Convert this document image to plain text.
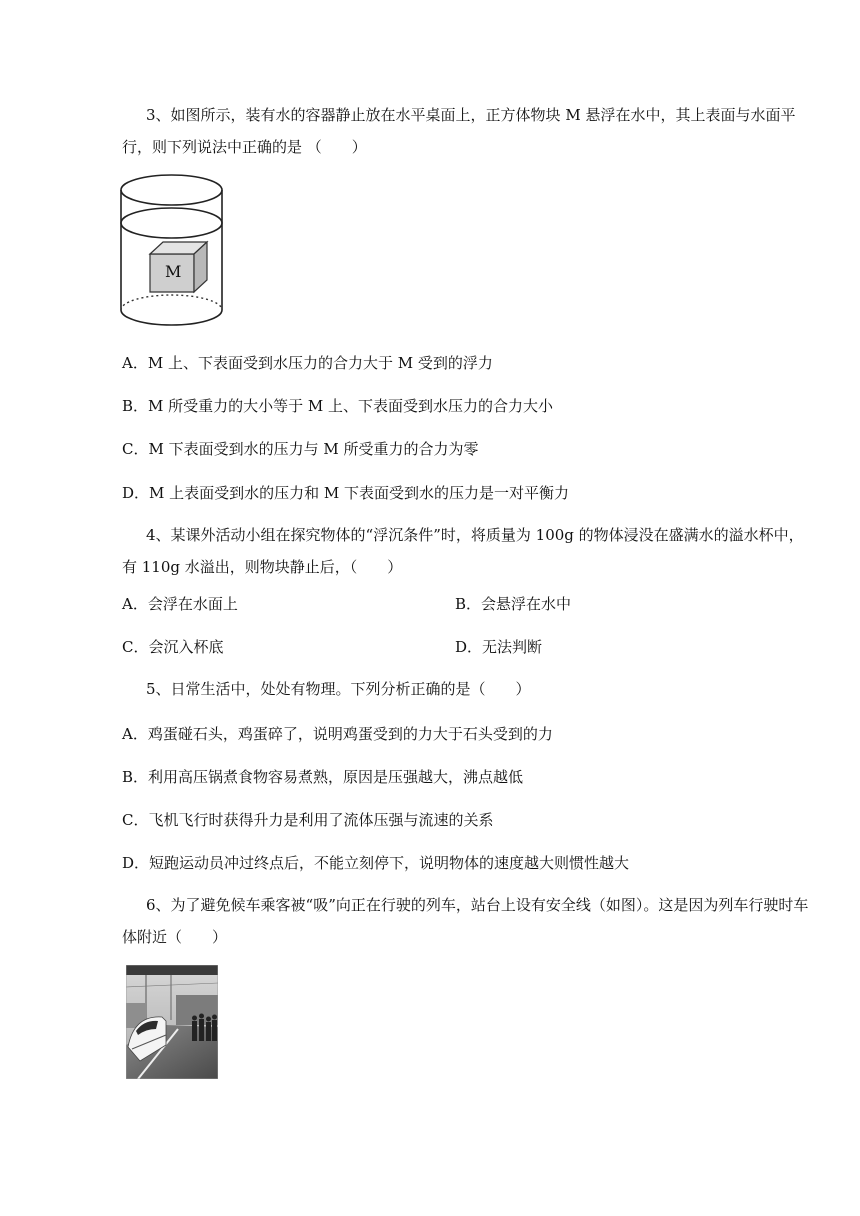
3、如图所示，装有水的容器静止放在水平桌面上，正方体物块 M 悬浮在水中，其上表面与水面平行，则下列说法中正确的是 （　　）
M
A．M 上、下表面受到水压力的合力大于 M 受到的浮力
B．M 所受重力的大小等于 M 上、下表面受到水压力的合力大小
C．M 下表面受到水的压力与 M 所受重力的合力为零
D．M 上表面受到水的压力和 M 下表面受到水的压力是一对平衡力
4、某课外活动小组在探究物体的“浮沉条件”时，将质量为 100g 的物体浸没在盛满水的溢水杯中，有 110g 水溢出，则物块静止后，（　　）
A．会浮在水面上	B．会悬浮在水中
C．会沉入杯底	D．无法判断
5、日常生活中，处处有物理。下列分析正确的是（　　）
A．鸡蛋碰石头，鸡蛋碎了，说明鸡蛋受到的力大于石头受到的力
B．利用高压锅煮食物容易煮熟，原因是压强越大，沸点越低
C．飞机飞行时获得升力是利用了流体压强与流速的关系
D．短跑运动员冲过终点后，不能立刻停下，说明物体的速度越大则惯性越大
6、为了避免候车乘客被“吸”向正在行驶的列车，站台上设有安全线（如图）。这是因为列车行驶时车体附近（　　）
